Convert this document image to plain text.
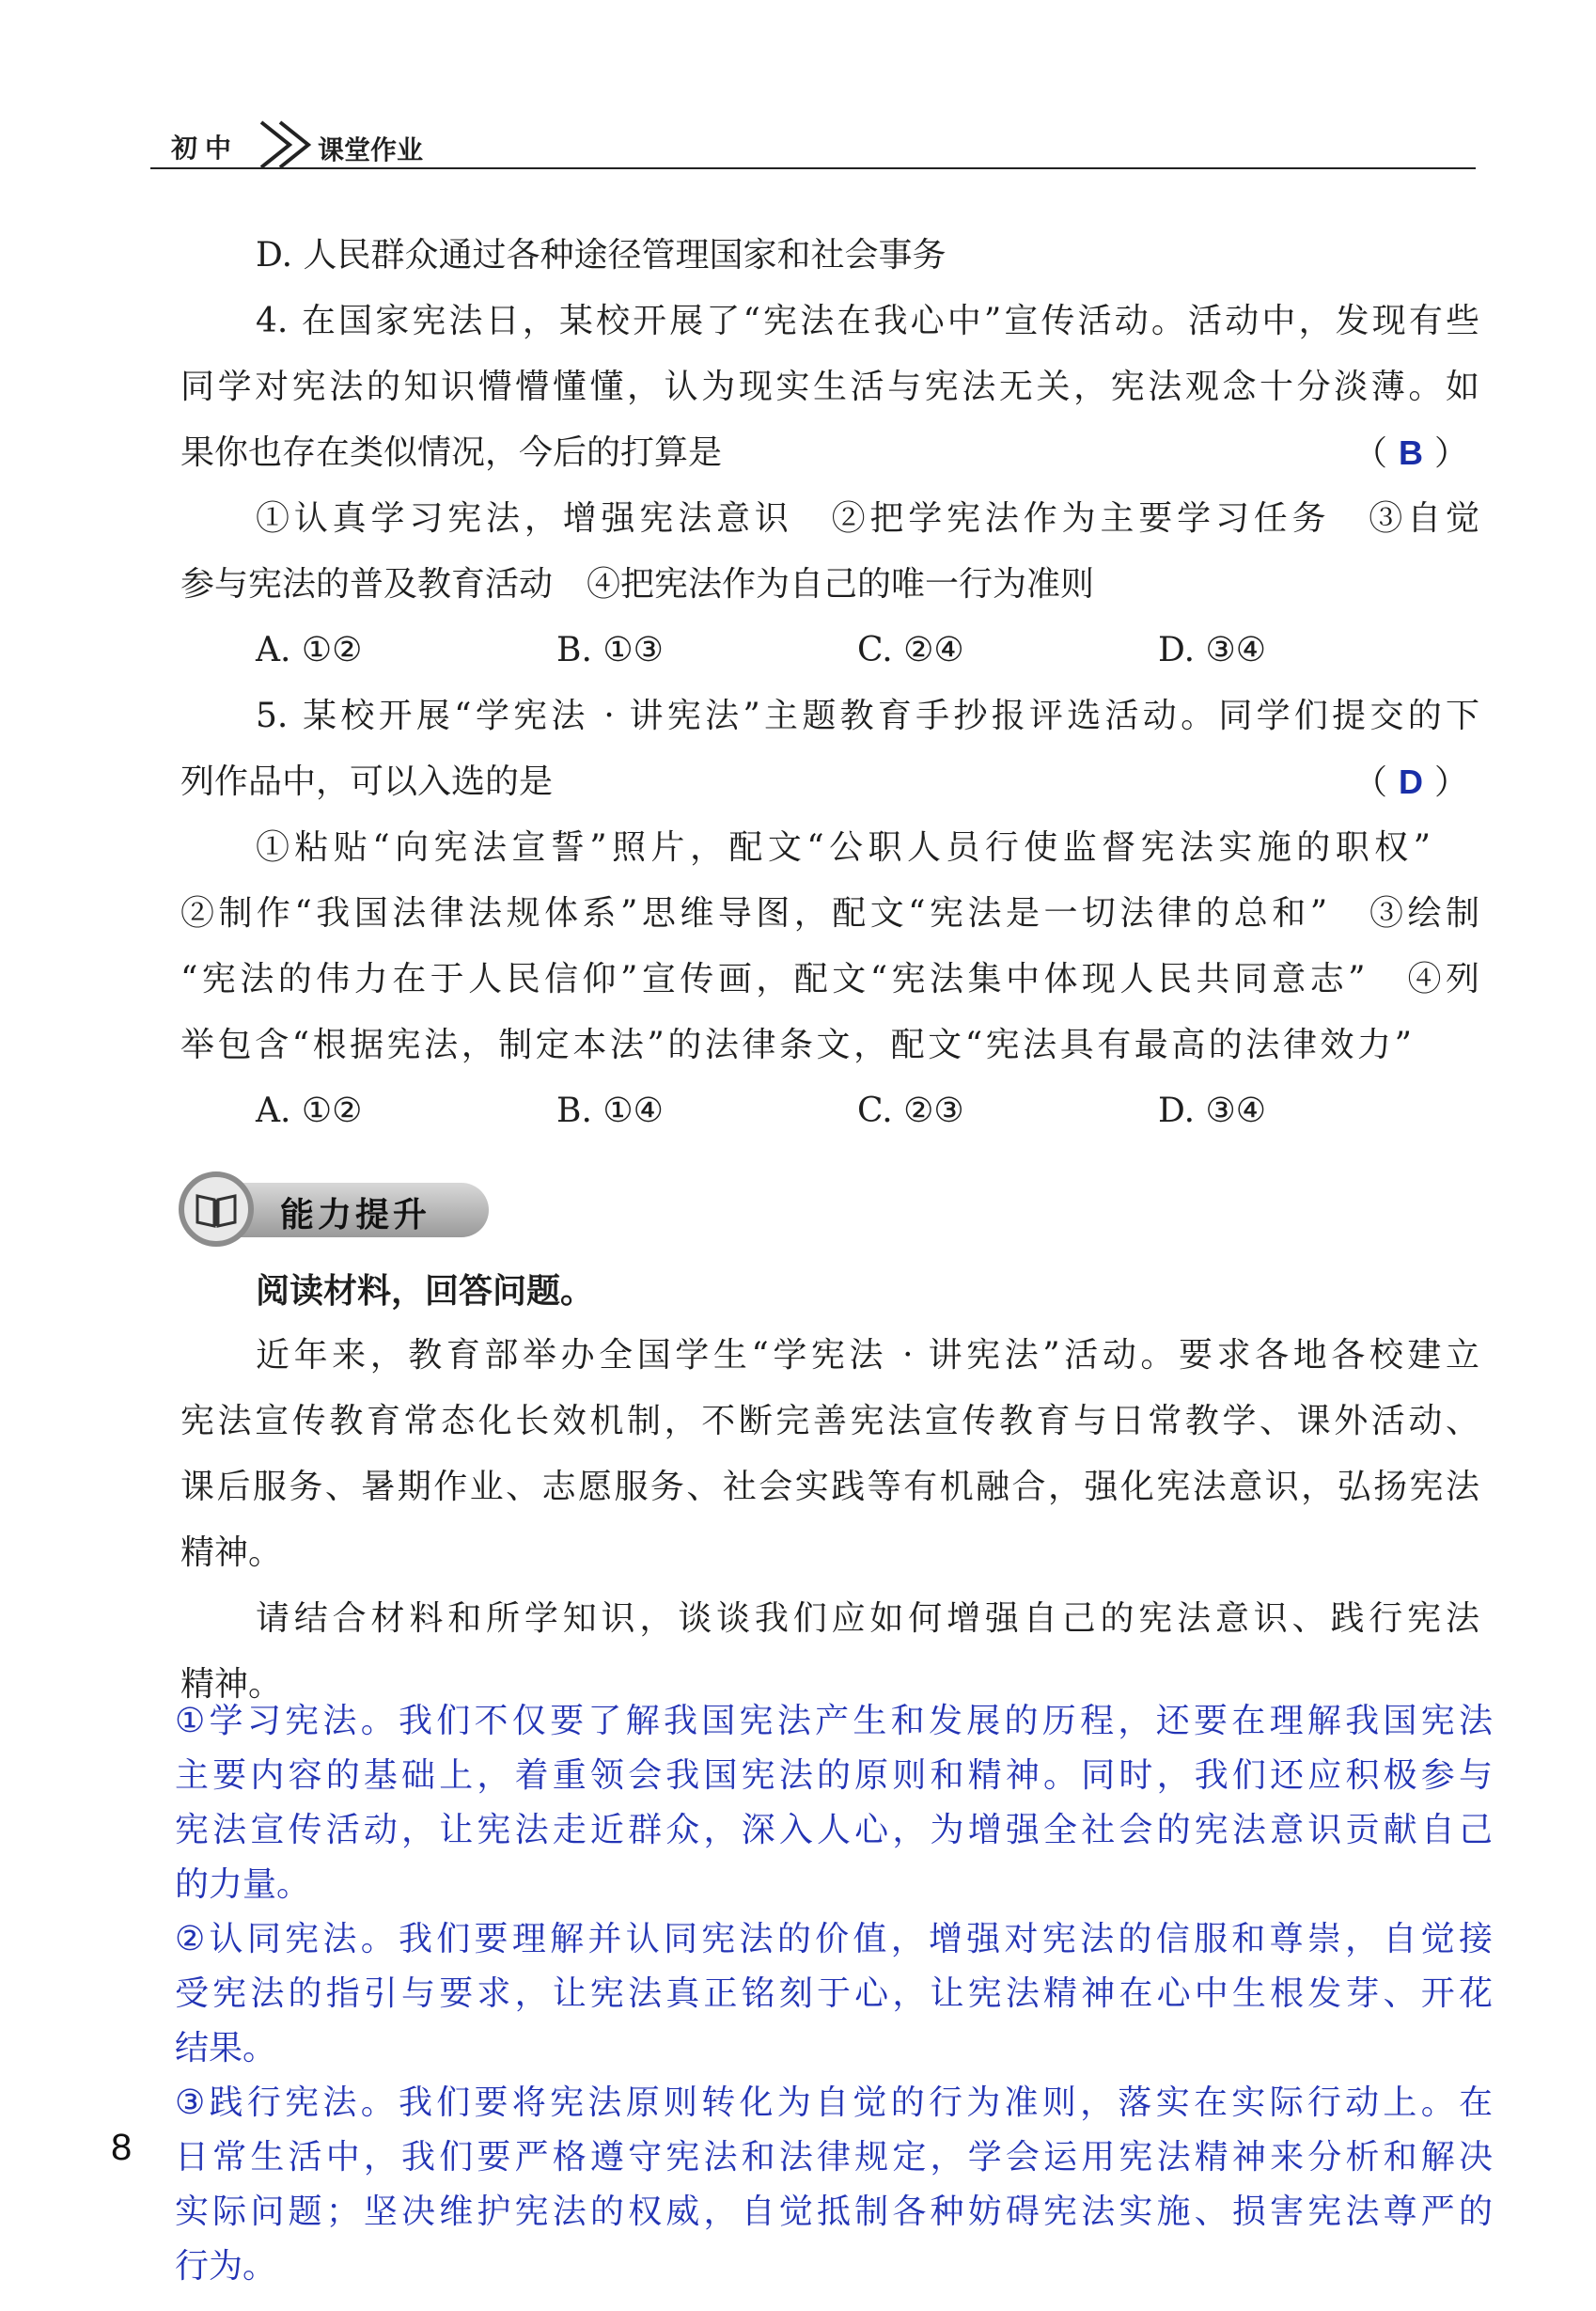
初中	课堂作业
D. 人民群众通过各种途径管理国家和社会事务
4. 在国家宪法日，某校开展了“宪法在我心中”宣传活动。活动中，发现有些
同学对宪法的知识懵懵懂懂，认为现实生活与宪法无关，宪法观念十分淡薄。如
果你也存在类似情况，今后的打算是	（ B ）
①认真学习宪法，增强宪法意识　②把学宪法作为主要学习任务　③自觉
参与宪法的普及教育活动　④把宪法作为自己的唯一行为准则
A. ①②	B. ①③	C. ②④	D. ③④
5. 某校开展“学宪法 · 讲宪法”主题教育手抄报评选活动。同学们提交的下
列作品中，可以入选的是	（ D ）
①粘贴“向宪法宣誓”照片，配文“公职人员行使监督宪法实施的职权”
②制作“我国法律法规体系”思维导图，配文“宪法是一切法律的总和”　③绘制
“宪法的伟力在于人民信仰”宣传画，配文“宪法集中体现人民共同意志”　④列
举包含“根据宪法，制定本法”的法律条文，配文“宪法具有最高的法律效力”
A. ①②	B. ①④	C. ②③	D. ③④
能力提升
阅读材料，回答问题。
近年来，教育部举办全国学生“学宪法 · 讲宪法”活动。要求各地各校建立
宪法宣传教育常态化长效机制，不断完善宪法宣传教育与日常教学、课外活动、
课后服务、暑期作业、志愿服务、社会实践等有机融合，强化宪法意识，弘扬宪法
精神。
请结合材料和所学知识，谈谈我们应如何增强自己的宪法意识、践行宪法
精神。
①学习宪法。我们不仅要了解我国宪法产生和发展的历程，还要在理解我国宪法
主要内容的基础上，着重领会我国宪法的原则和精神。同时，我们还应积极参与
宪法宣传活动，让宪法走近群众，深入人心，为增强全社会的宪法意识贡献自己
的力量。
②认同宪法。我们要理解并认同宪法的价值，增强对宪法的信服和尊崇，自觉接
受宪法的指引与要求，让宪法真正铭刻于心，让宪法精神在心中生根发芽、开花
结果。
③践行宪法。我们要将宪法原则转化为自觉的行为准则，落实在实际行动上。在
日常生活中，我们要严格遵守宪法和法律规定，学会运用宪法精神来分析和解决
实际问题；坚决维护宪法的权威，自觉抵制各种妨碍宪法实施、损害宪法尊严的
行为。
8
